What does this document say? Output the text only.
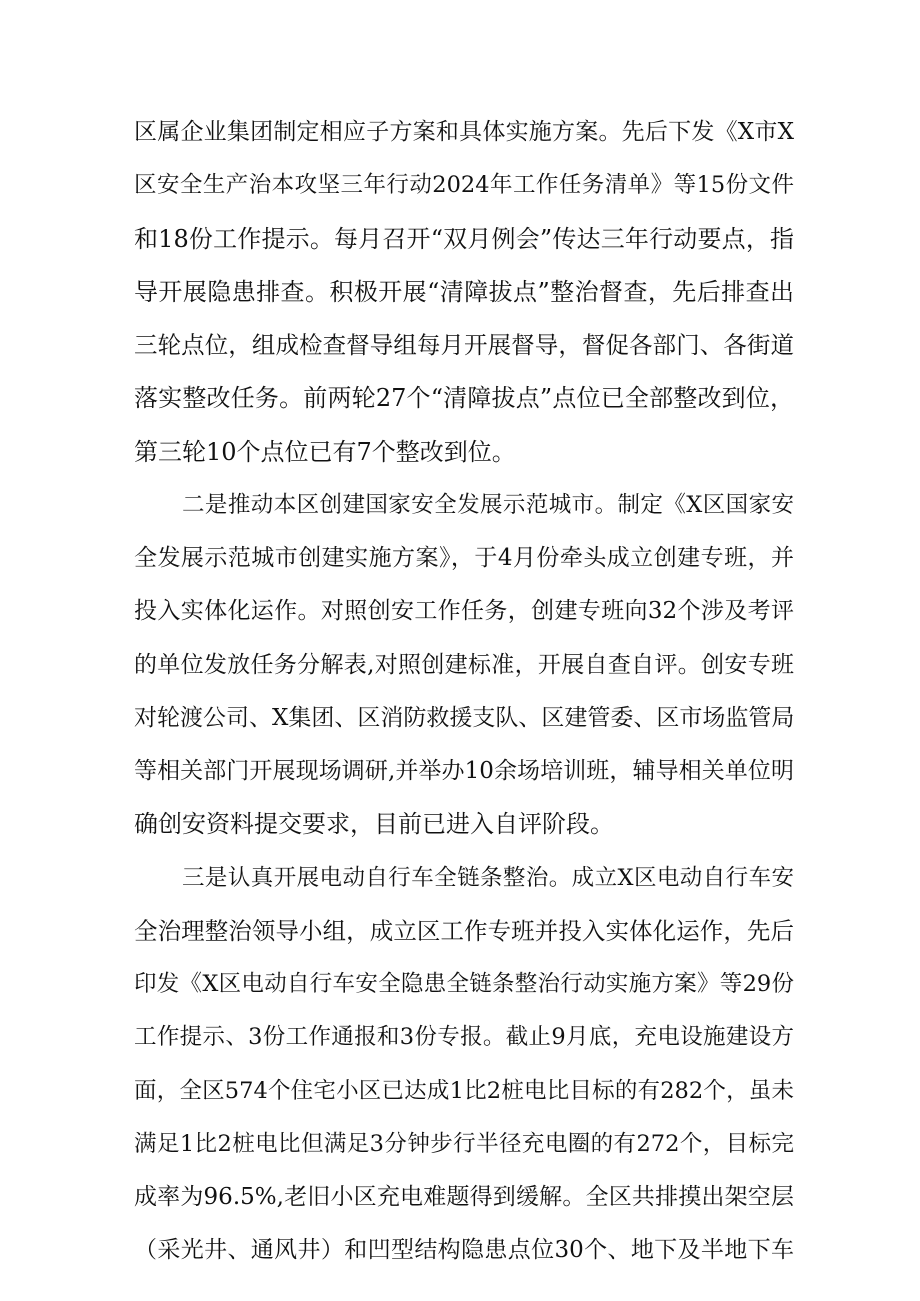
区属企业集团制定相应子方案和具体实施方案。先后下发《X市X
区安全生产治本攻坚三年行动2024年工作任务清单》等15份文件
和18份工作提示。每月召开“双月例会”传达三年行动要点，指
导开展隐患排查。积极开展“清障拔点”整治督查，先后排查出
三轮点位，组成检查督导组每月开展督导，督促各部门、各街道
落实整改任务。前两轮27个“清障拔点”点位已全部整改到位，
第三轮10个点位已有7个整改到位。
二是推动本区创建国家安全发展示范城市。制定《X区国家安
全发展示范城市创建实施方案》，于4月份牵头成立创建专班，并
投入实体化运作。对照创安工作任务，创建专班向32个涉及考评
的单位发放任务分解表,对照创建标准，开展自查自评。创安专班
对轮渡公司、X集团、区消防救援支队、区建管委、区市场监管局
等相关部门开展现场调研,并举办10余场培训班，辅导相关单位明
确创安资料提交要求，目前已进入自评阶段。
三是认真开展电动自行车全链条整治。成立X区电动自行车安
全治理整治领导小组，成立区工作专班并投入实体化运作，先后
印发《X区电动自行车安全隐患全链条整治行动实施方案》等29份
工作提示、3份工作通报和3份专报。截止9月底，充电设施建设方
面，全区574个住宅小区已达成1比2桩电比目标的有282个，虽未
满足1比2桩电比但满足3分钟步行半径充电圈的有272个，目标完
成率为96.5%,老旧小区充电难题得到缓解。全区共排摸出架空层
（采光井、通风井）和凹型结构隐患点位30个、地下及半地下车
